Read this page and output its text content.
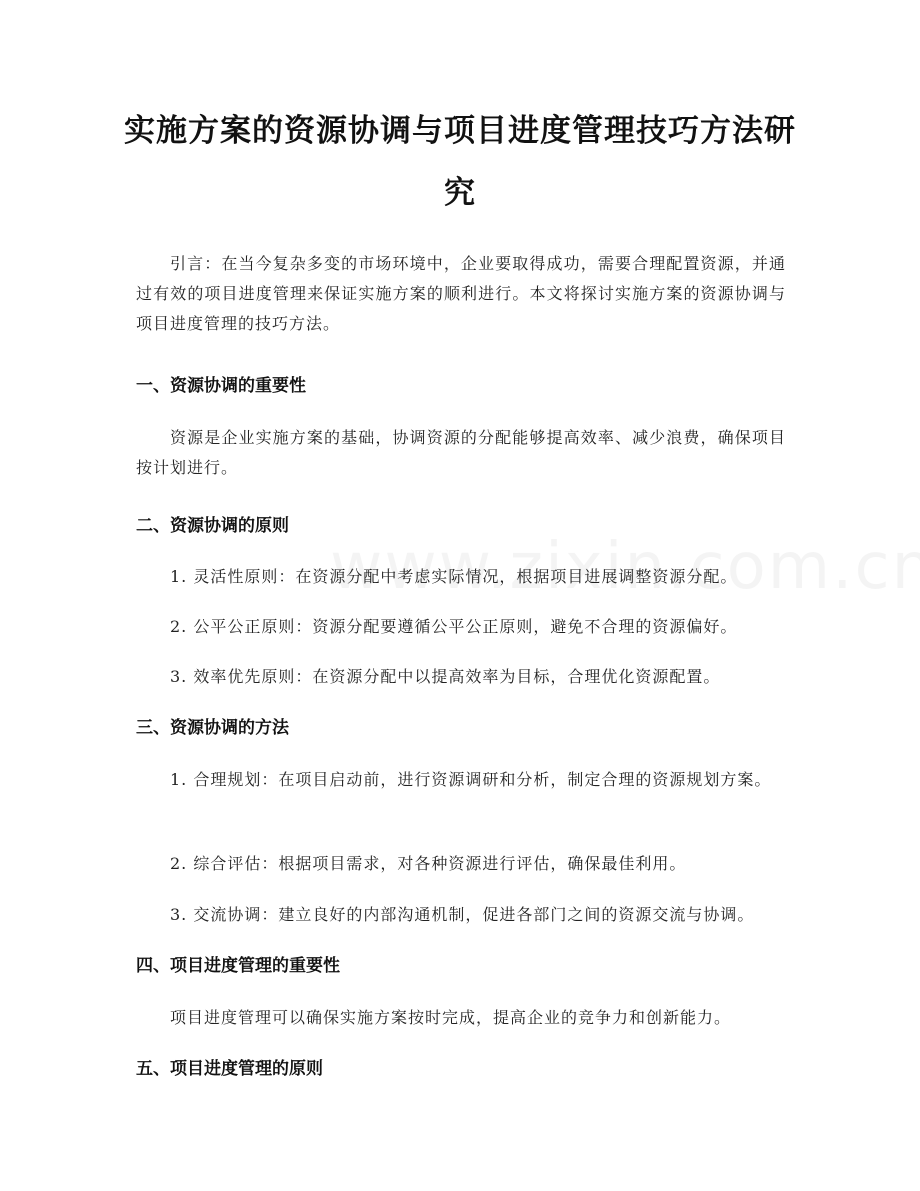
实施方案的资源协调与项目进度管理技巧方法研究
引言：在当今复杂多变的市场环境中，企业要取得成功，需要合理配置资源，并通过有效的项目进度管理来保证实施方案的顺利进行。本文将探讨实施方案的资源协调与项目进度管理的技巧方法。
一、资源协调的重要性
资源是企业实施方案的基础，协调资源的分配能够提高效率、减少浪费，确保项目按计划进行。
二、资源协调的原则
1. 灵活性原则：在资源分配中考虑实际情况，根据项目进展调整资源分配。
2. 公平公正原则：资源分配要遵循公平公正原则，避免不合理的资源偏好。
3. 效率优先原则：在资源分配中以提高效率为目标，合理优化资源配置。
三、资源协调的方法
1. 合理规划：在项目启动前，进行资源调研和分析，制定合理的资源规划方案。
2. 综合评估：根据项目需求，对各种资源进行评估，确保最佳利用。
3. 交流协调：建立良好的内部沟通机制，促进各部门之间的资源交流与协调。
四、项目进度管理的重要性
项目进度管理可以确保实施方案按时完成，提高企业的竞争力和创新能力。
五、项目进度管理的原则
